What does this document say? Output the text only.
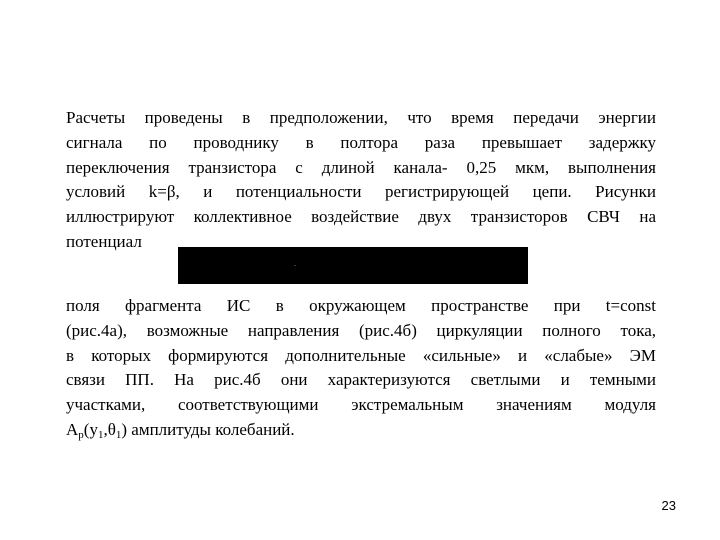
Расчеты проведены в предположении, что время передачи энергии
сигнала по проводнику в полтора раза превышает задержку
переключения транзистора с длиной канала- 0,25 мкм, выполнения
условий k=β, и потенциальности регистрирующей цепи. Рисунки
иллюстрируют коллективное воздействие двух транзисторов СВЧ на
потенциал
поля фрагмента ИС в окружающем пространстве при t=const
(рис.4а), возможные направления (рис.4б) циркуляции полного тока,
в которых формируются дополнительные «сильные» и «слабые» ЭМ
связи ПП. На рис.4б они характеризуются светлыми и темными
участками, соответствующими экстремальным значениям модуля
$A_p(y_1,\theta_1)$ амплитуды колебаний.
23
